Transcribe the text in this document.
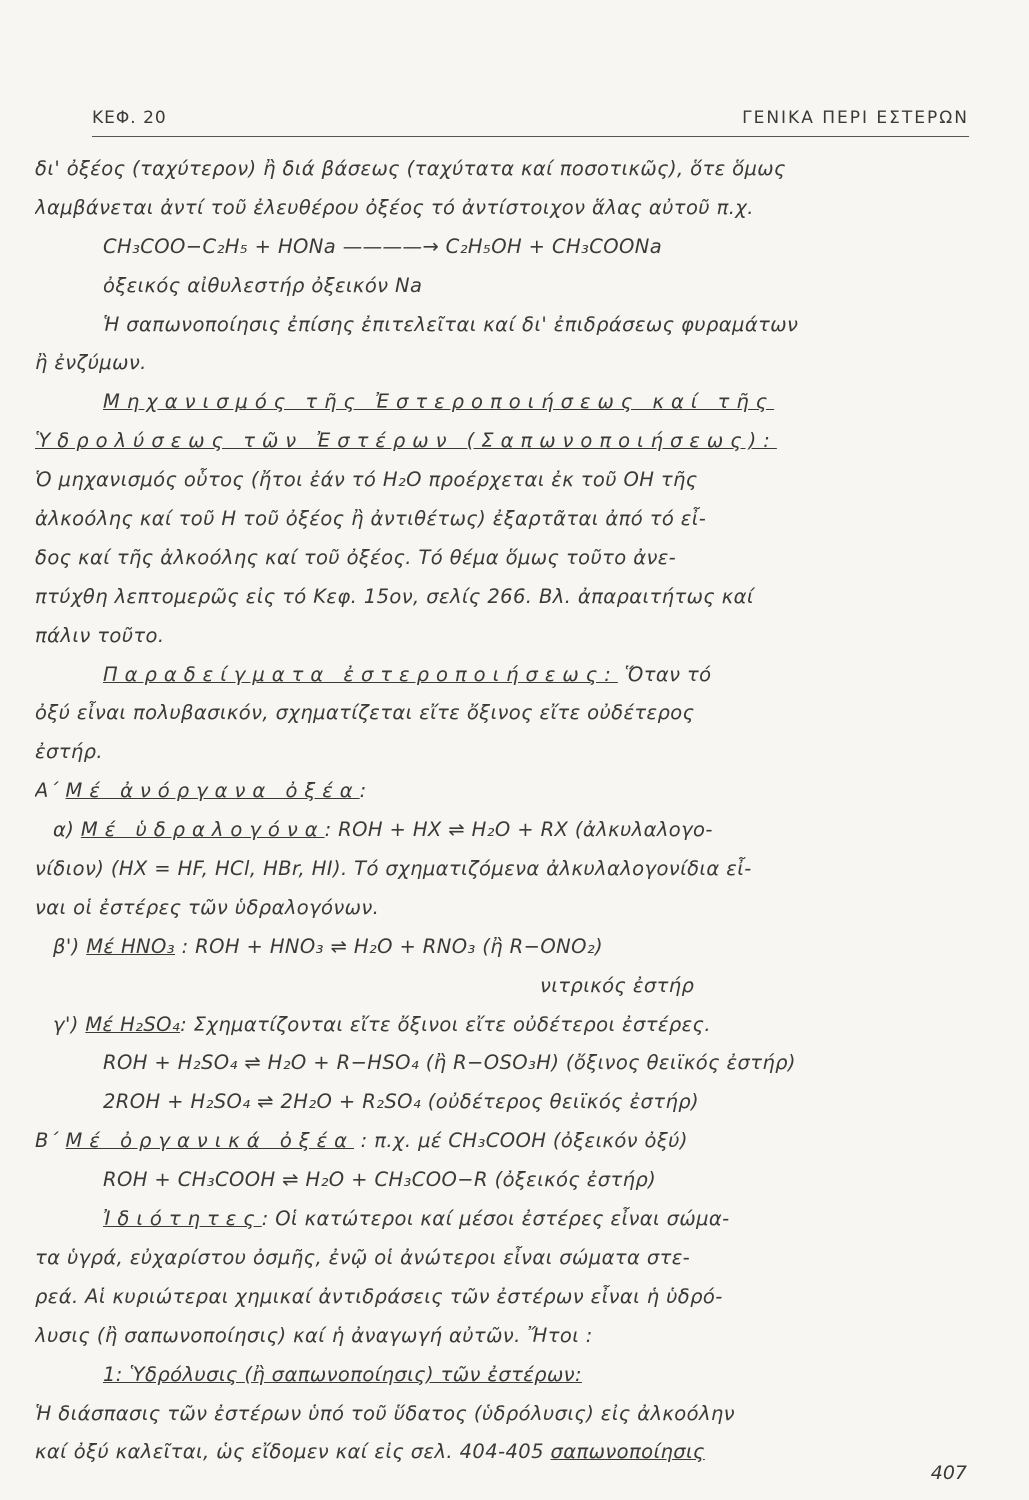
ΚΕΦ. 20	ΓΕΝΙΚΑ ΠΕΡΙ ΕΣΤΕΡΩΝ
δι' ὀξέος (ταχύτερον) ἢ διά βάσεως (ταχύτατα καί ποσοτικῶς), ὅτε ὅμως
λαμβάνεται ἀντί τοῦ ἐλευθέρου ὀξέος τό ἀντίστοιχον ἅλας αὐτοῦ π.χ.
CH₃COO−C₂H₅ + HONa ————→ C₂H₅OH + CH₃COONa
ὀξεικός αἰθυλεστήρ ὀξεικόν Na
Ἡ σαπωνοποίησις ἐπίσης ἐπιτελεῖται καί δι' ἐπιδράσεως φυραμάτων
ἢ ἐνζύμων.
Μηχανισμός τῆς Ἐστεροποιήσεως καί τῆς
Ὑδρολύσεως τῶν Ἐστέρων (Σαπωνοποιήσεως):
Ὁ μηχανισμός οὗτος (ἤτοι ἐάν τό H₂O προέρχεται ἐκ τοῦ OH τῆς
ἀλκοόλης καί τοῦ H τοῦ ὀξέος ἢ ἀντιθέτως) ἐξαρτᾶται ἀπό τό εἶ-
δος καί τῆς ἀλκοόλης καί τοῦ ὀξέος. Τό θέμα ὅμως τοῦτο ἀνε-
πτύχθη λεπτομερῶς εἰς τό Κεφ. 15ον, σελίς 266. Βλ. ἀπαραιτήτως καί
πάλιν τοῦτο.
Παραδείγματα ἐστεροποιήσεως: Ὅταν τό
ὀξύ εἶναι πολυβασικόν, σχηματίζεται εἴτε ὄξινος εἴτε οὐδέτερος
ἐστήρ.
Α΄ Μέ ἀνόργανα ὀξέα:
α) Μέ ὑδραλογόνα: ROH + HX ⇌ H₂O + RX (ἀλκυλαλογο-
νίδιον) (HX = HF, HCl, HBr, HI). Τό σχηματιζόμενα ἀλκυλαλογονίδια εἶ-
ναι οἱ ἐστέρες τῶν ὑδραλογόνων.
β') Μέ HNO₃ : ROH + HNO₃ ⇌ H₂O + RNO₃ (ἢ R−ONO₂)
νιτρικός ἐστήρ
γ') Μέ H₂SO₄: Σχηματίζονται εἴτε ὄξινοι εἴτε οὐδέτεροι ἐστέρες.
ROH + H₂SO₄ ⇌ H₂O + R−HSO₄ (ἢ R−OSO₃H) (ὄξινος θειϊκός ἐστήρ)
2ROH + H₂SO₄ ⇌ 2H₂O + R₂SO₄ (οὐδέτερος θειϊκός ἐστήρ)
Β΄ Μέ ὀργανικά ὀξέα : π.χ. μέ CH₃COOH (ὀξεικόν ὀξύ)
ROH + CH₃COOH ⇌ H₂O + CH₃COO−R (ὀξεικός ἐστήρ)
Ἰδιότητες: Οἱ κατώτεροι καί μέσοι ἐστέρες εἶναι σώμα-
τα ὑγρά, εὐχαρίστου ὀσμῆς, ἐνῷ οἱ ἀνώτεροι εἶναι σώματα στε-
ρεά. Αἱ κυριώτεραι χημικαί ἀντιδράσεις τῶν ἐστέρων εἶναι ἡ ὑδρό-
λυσις (ἢ σαπωνοποίησις) καί ἡ ἀναγωγή αὐτῶν. Ἤτοι :
1: Ὑδρόλυσις (ἢ σαπωνοποίησις) τῶν ἐστέρων:
Ἡ διάσπασις τῶν ἐστέρων ὑπό τοῦ ὕδατος (ὑδρόλυσις) εἰς ἀλκοόλην
καί ὀξύ καλεῖται, ὡς εἴδομεν καί εἰς σελ. 404-405 σαπωνοποίησις
407
